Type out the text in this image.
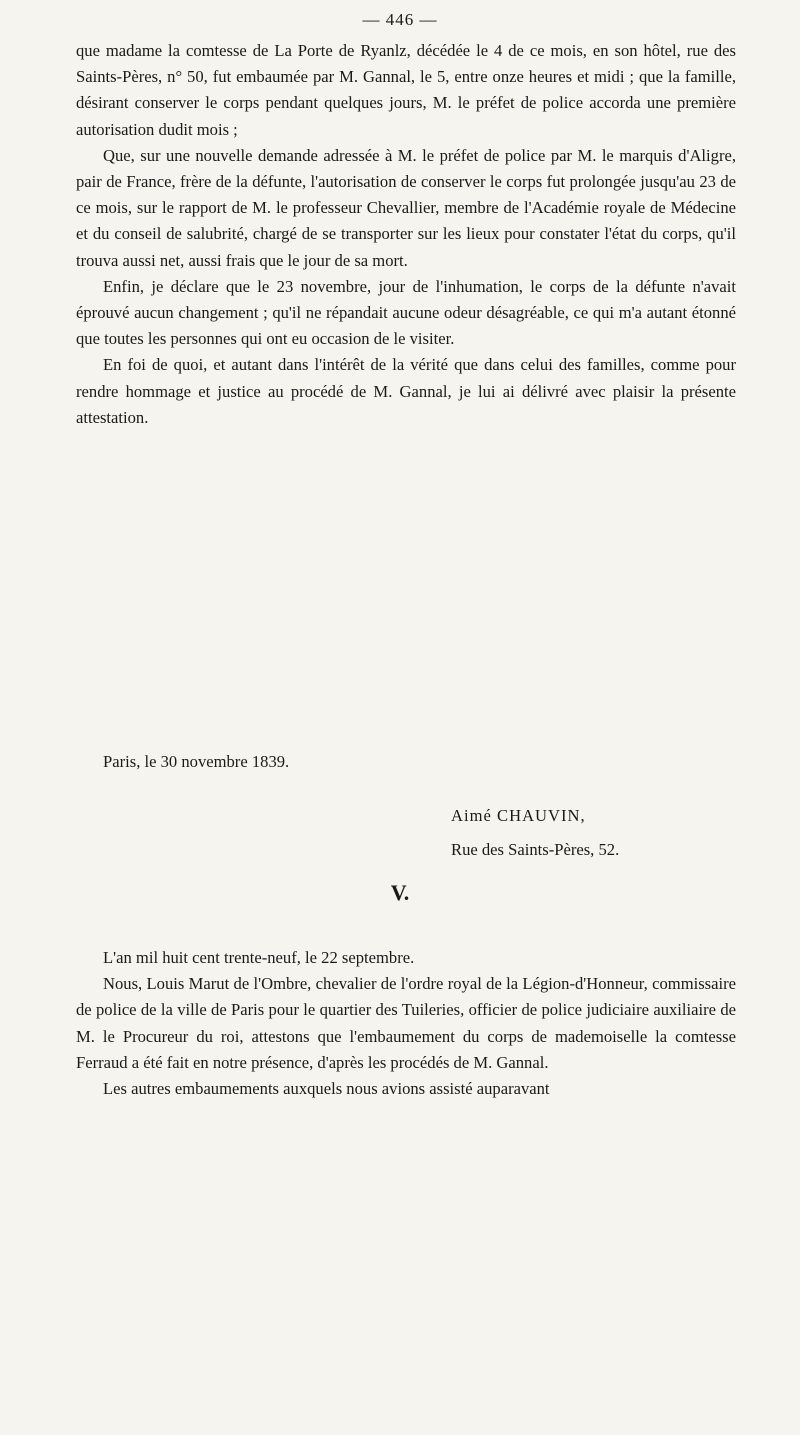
— 446 —

que madame la comtesse de La Porte de Ryanlz, décédée le 4 de ce mois, en son hôtel, rue des Saints-Pères, n° 50, fut embaumée par M. Gannal, le 5, entre onze heures et midi ; que la famille, désirant conserver le corps pendant quelques jours, M. le préfet de police accorda une première autorisation dudit mois ;

Que, sur une nouvelle demande adressée à M. le préfet de police par M. le marquis d'Aligre, pair de France, frère de la défunte, l'autorisation de conserver le corps fut prolongée jusqu'au 23 de ce mois, sur le rapport de M. le professeur Chevallier, membre de l'Académie royale de Médecine et du conseil de salubrité, chargé de se transporter sur les lieux pour constater l'état du corps, qu'il trouva aussi net, aussi frais que le jour de sa mort.

Enfin, je déclare que le 23 novembre, jour de l'inhumation, le corps de la défunte n'avait éprouvé aucun changement ; qu'il ne répandait aucune odeur désagréable, ce qui m'a autant étonné que toutes les personnes qui ont eu occasion de le visiter.

En foi de quoi, et autant dans l'intérêt de la vérité que dans celui des familles, comme pour rendre hommage et justice au procédé de M. Gannal, je lui ai délivré avec plaisir la présente attestation.

Paris, le 30 novembre 1839.
Aimé CHAUVIN,
Rue des Saints-Pères, 52.
V.

L'an mil huit cent trente-neuf, le 22 septembre.

Nous, Louis Marut de l'Ombre, chevalier de l'ordre royal de la Légion-d'Honneur, commissaire de police de la ville de Paris pour le quartier des Tuileries, officier de police judiciaire auxiliaire de M. le Procureur du roi, attestons que l'embaumement du corps de mademoiselle la comtesse Ferraud a été fait en notre présence, d'après les procédés de M. Gannal.

Les autres embaumements auxquels nous avions assisté auparavant
